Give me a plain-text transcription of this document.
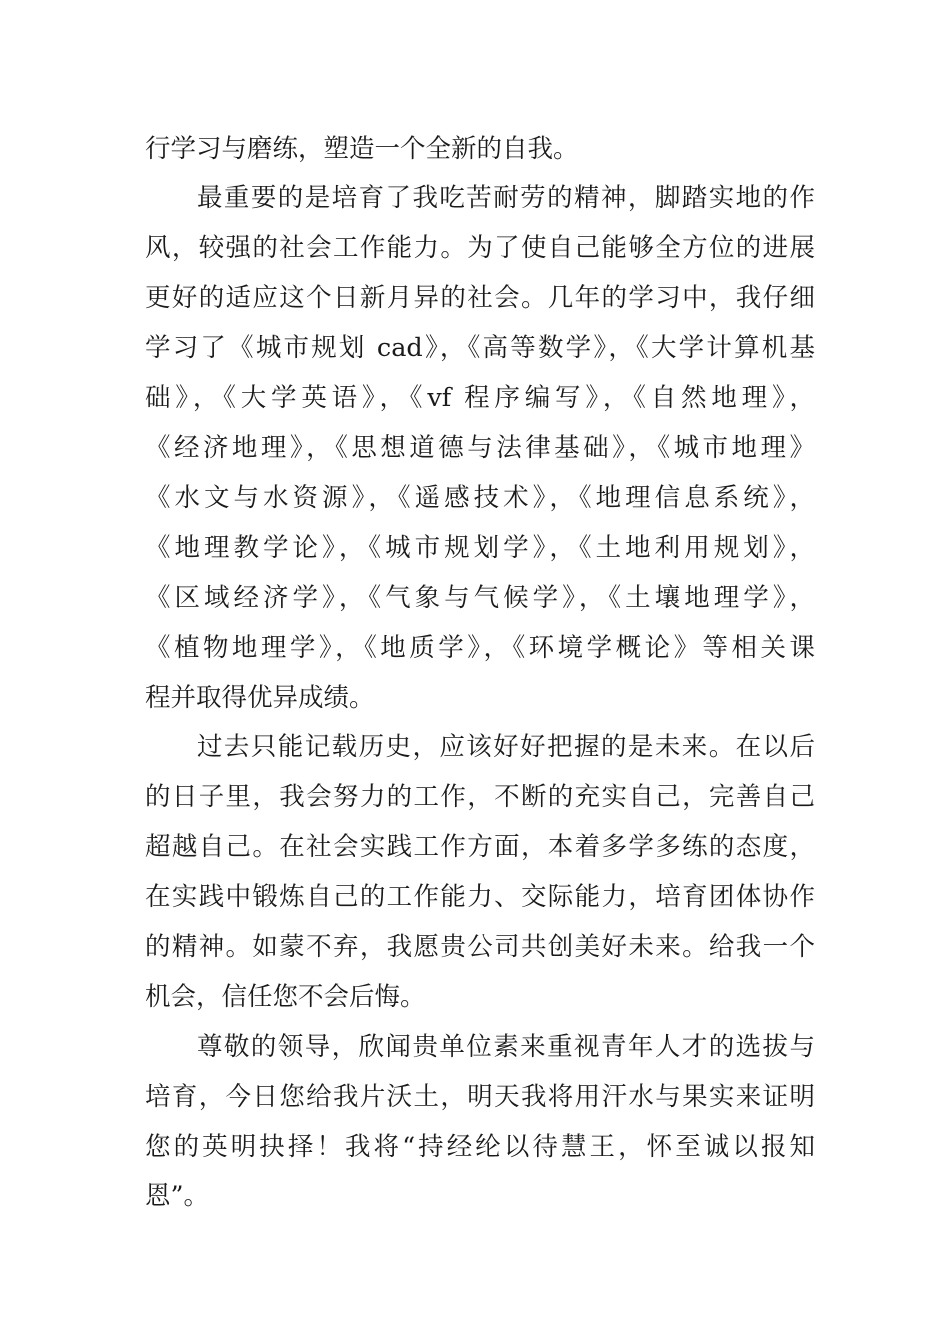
行学习与磨练，塑造一个全新的自我。
最重要的是培育了我吃苦耐劳的精神，脚踏实地的作
风，较强的社会工作能力。为了使自己能够全方位的进展
更好的适应这个日新月异的社会。几年的学习中，我仔细
学习了《城市规划 cad》，《高等数学》，《大学计算机基
础》，《大学英语》，《vf 程序编写》，《自然地理》，
《经济地理》，《思想道德与法律基础》，《城市地理》
《水文与水资源》，《遥感技术》，《地理信息系统》，
《地理教学论》，《城市规划学》，《土地利用规划》，
《区域经济学》，《气象与气候学》，《土壤地理学》，
《植物地理学》，《地质学》，《环境学概论》等相关课
程并取得优异成绩。
过去只能记载历史，应该好好把握的是未来。在以后
的日子里，我会努力的工作，不断的充实自己，完善自己
超越自己。在社会实践工作方面，本着多学多练的态度，
在实践中锻炼自己的工作能力、交际能力，培育团体协作
的精神。如蒙不弃，我愿贵公司共创美好未来。给我一个
机会，信任您不会后悔。
尊敬的领导，欣闻贵单位素来重视青年人才的选拔与
培育，今日您给我片沃土，明天我将用汗水与果实来证明
您的英明抉择！我将“持经纶以待慧王，怀至诚以报知
恩”。
